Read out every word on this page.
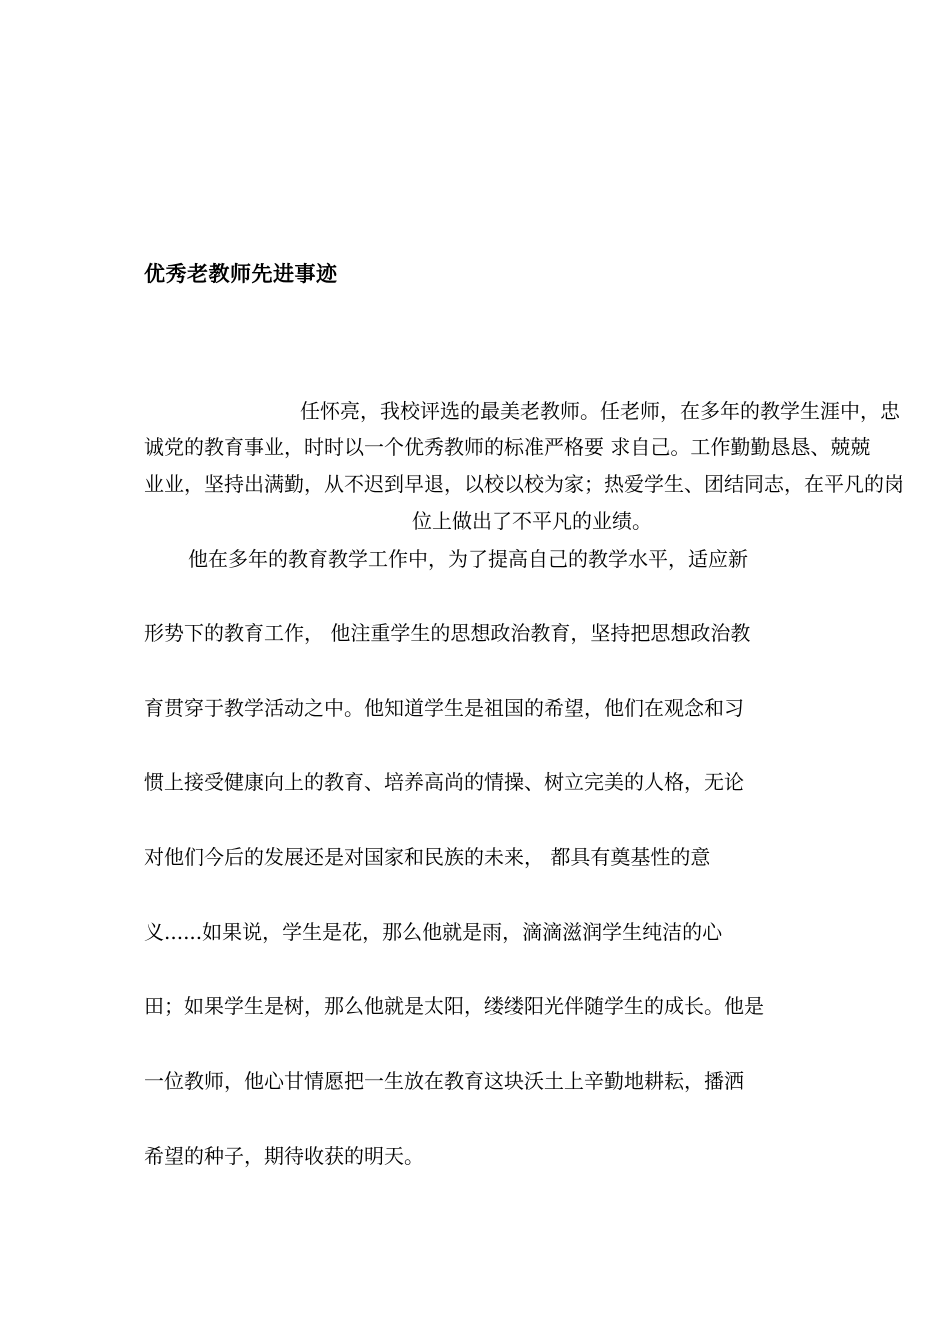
优秀老教师先进事迹
任怀亮，我校评选的最美老教师。任老师，在多年的教学生涯中，忠
诚党的教育事业，时时以一个优秀教师的标准严格要 求自己。工作勤勤恳恳、兢兢
业业，坚持出满勤，从不迟到早退，以校以校为家；热爱学生、团结同志，在平凡的岗
位上做出了不平凡的业绩。
他在多年的教育教学工作中，为了提高自己的教学水平，适应新
形势下的教育工作， 他注重学生的思想政治教育，坚持把思想政治教
育贯穿于教学活动之中。他知道学生是祖国的希望，他们在观念和习
惯上接受健康向上的教育、培养高尚的情操、树立完美的人格，无论
对他们今后的发展还是对国家和民族的未来， 都具有奠基性的意
义......如果说，学生是花，那么他就是雨，滴滴滋润学生纯洁的心
田；如果学生是树，那么他就是太阳，缕缕阳光伴随学生的成长。他是
一位教师，他心甘情愿把一生放在教育这块沃土上辛勤地耕耘，播洒
希望的种子，期待收获的明天。
